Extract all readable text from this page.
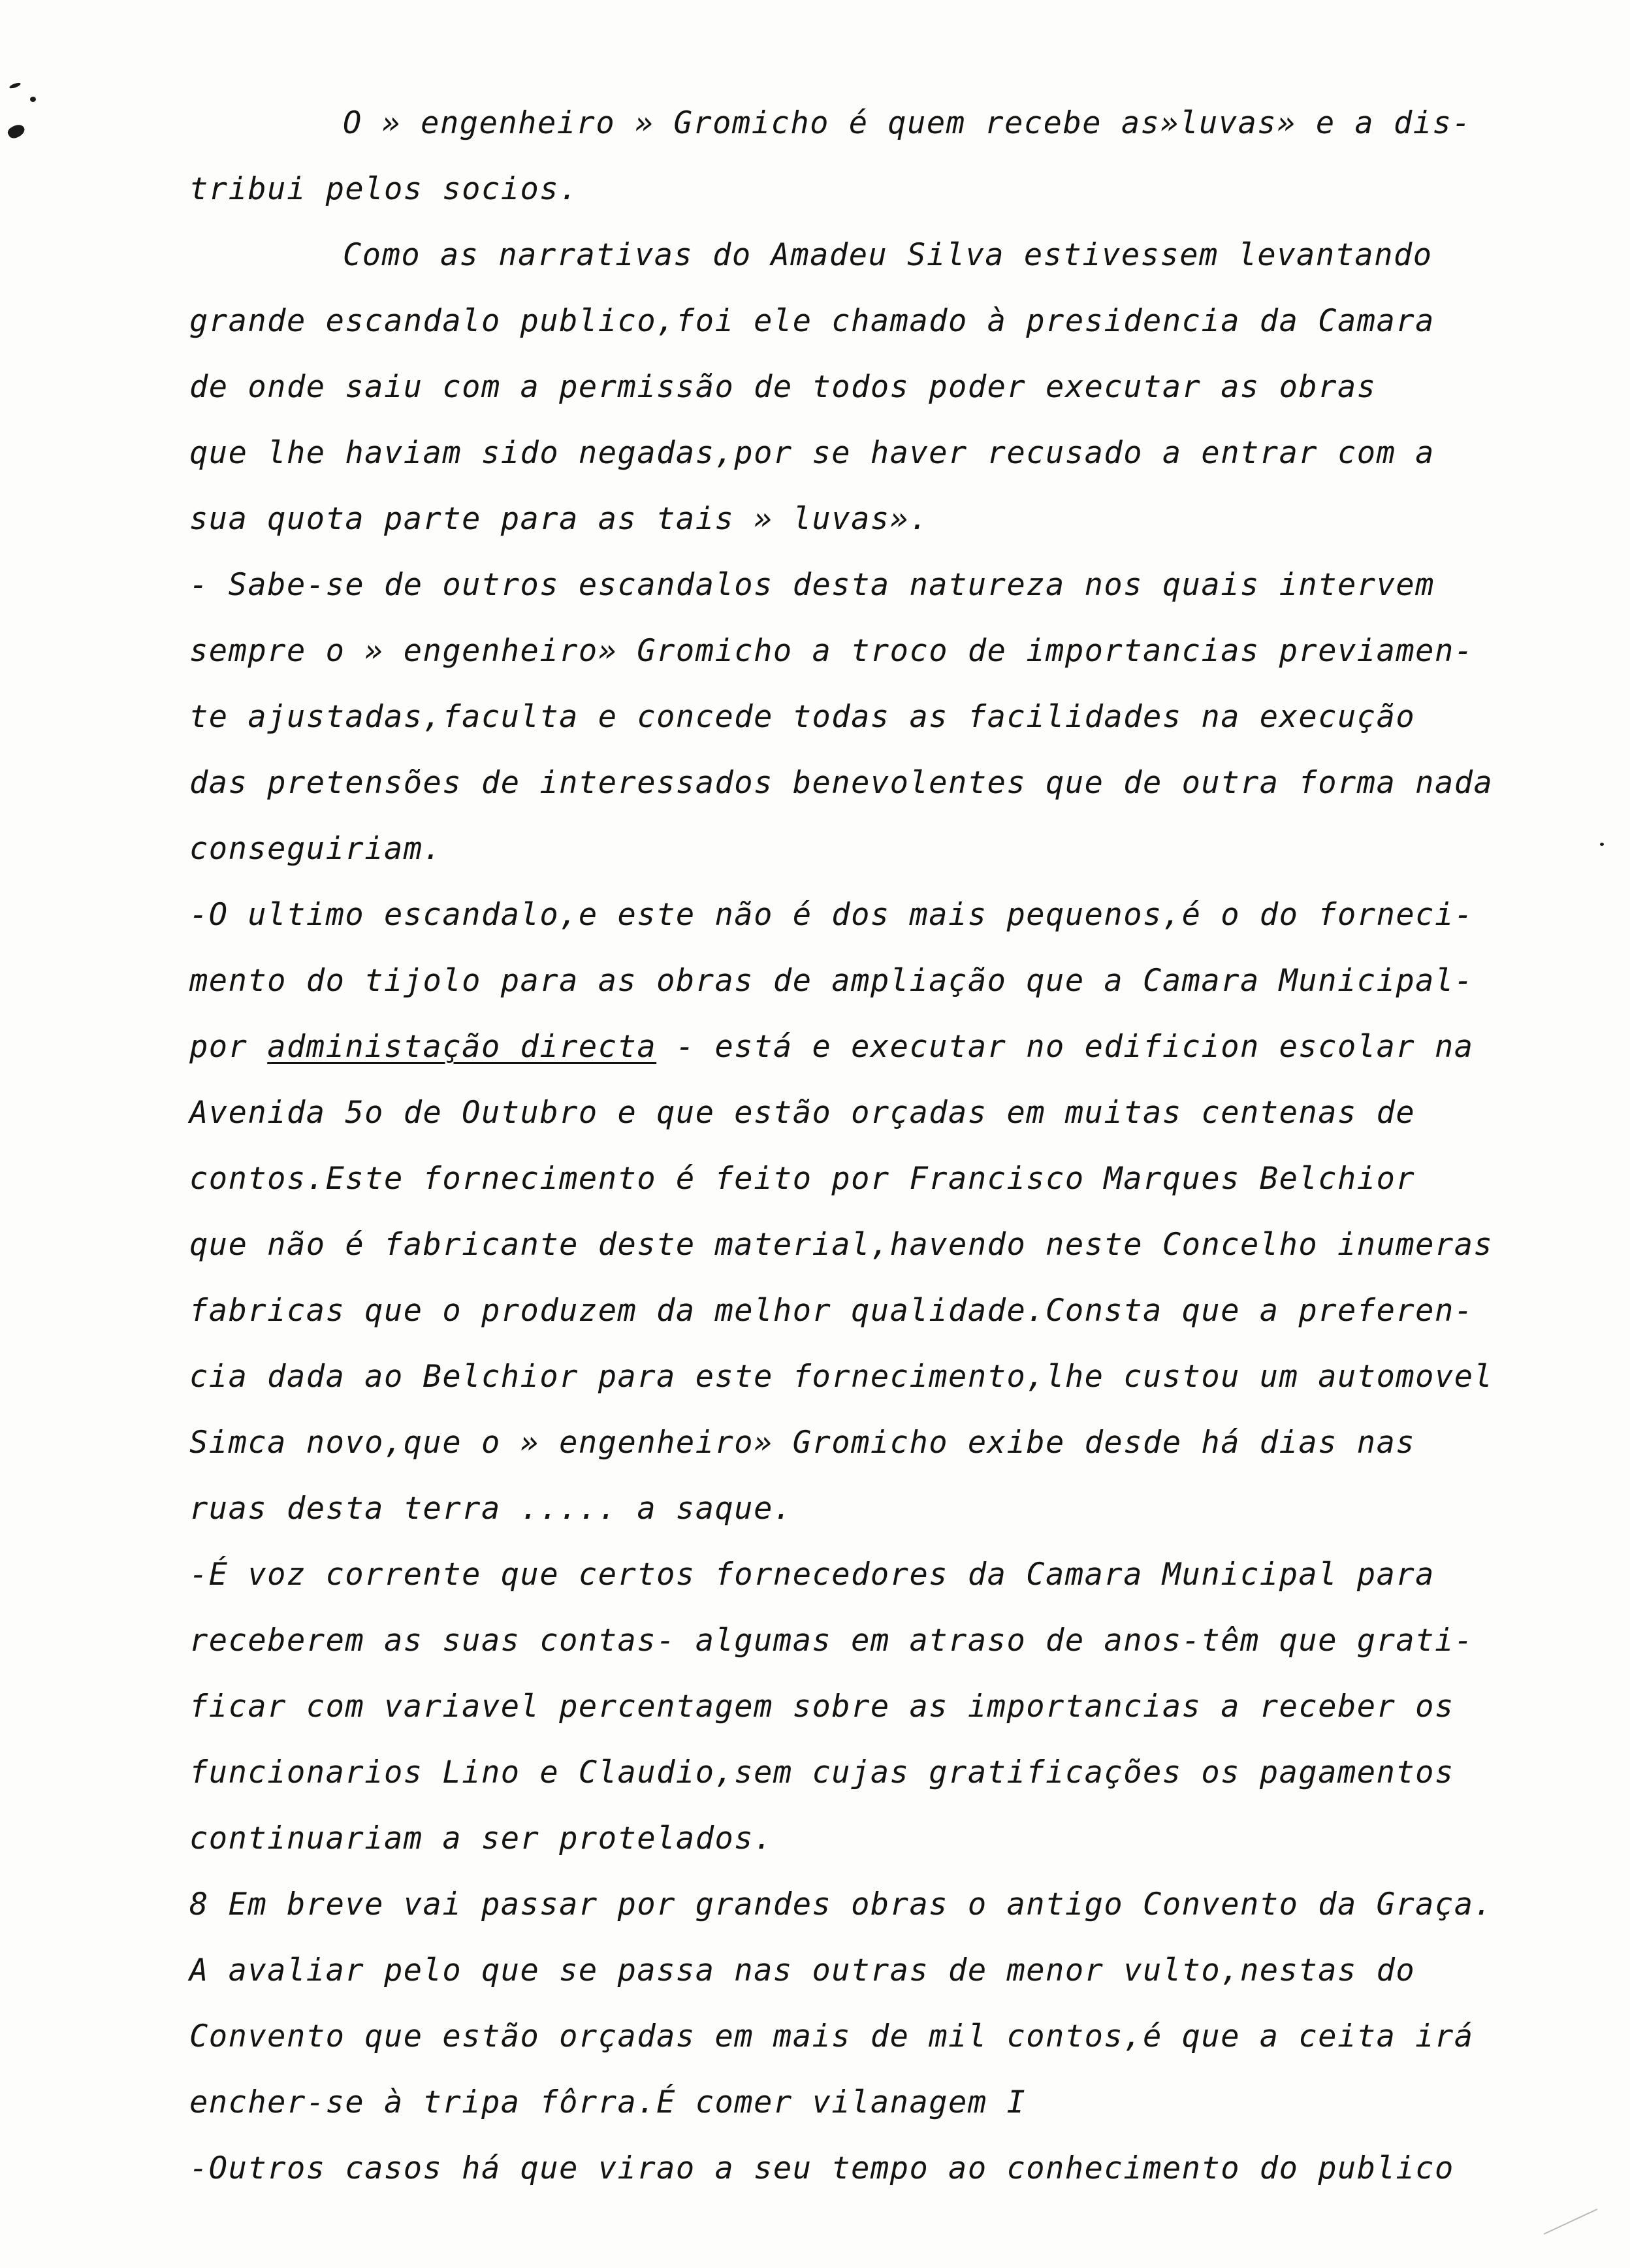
O » engenheiro » Gromicho é quem recebe as»luvas» e a dis-
tribui pelos socios.
Como as narrativas do Amadeu Silva estivessem levantando
grande escandalo publico,foi ele chamado à presidencia da Camara
de onde saiu com a permissão de todos poder executar as obras
que lhe haviam sido negadas,por se haver recusado a entrar com a
sua quota parte para as tais » luvas».
- Sabe-se de outros escandalos desta natureza nos quais intervem
sempre o » engenheiro» Gromicho a troco de importancias previamen-
te ajustadas,faculta e concede todas as facilidades na execução
das pretensões de interessados benevolentes que de outra forma nada
conseguiriam.
-O ultimo escandalo,e este não é dos mais pequenos,é o do forneci-
mento do tijolo para as obras de ampliação que a Camara Municipal-
por administação directa - está e executar no edificion escolar na
Avenida 5o de Outubro e que estão orçadas em muitas centenas de
contos.Este fornecimento é feito por Francisco Marques Belchior
que não é fabricante deste material,havendo neste Concelho inumeras
fabricas que o produzem da melhor qualidade.Consta que a preferen-
cia dada ao Belchior para este fornecimento,lhe custou um automovel
Simca novo,que o » engenheiro» Gromicho exibe desde há dias nas
ruas desta terra ..... a saque.
-É voz corrente que certos fornecedores da Camara Municipal para
receberem as suas contas- algumas em atraso de anos-têm que grati-
ficar com variavel percentagem sobre as importancias a receber os
funcionarios Lino e Claudio,sem cujas gratificações os pagamentos
continuariam a ser protelados.
8 Em breve vai passar por grandes obras o antigo Convento da Graça.
A avaliar pelo que se passa nas outras de menor vulto,nestas do
Convento que estão orçadas em mais de mil contos,é que a ceita irá
encher-se à tripa fôrra.É comer vilanagem I
-Outros casos há que virao a seu tempo ao conhecimento do publico
